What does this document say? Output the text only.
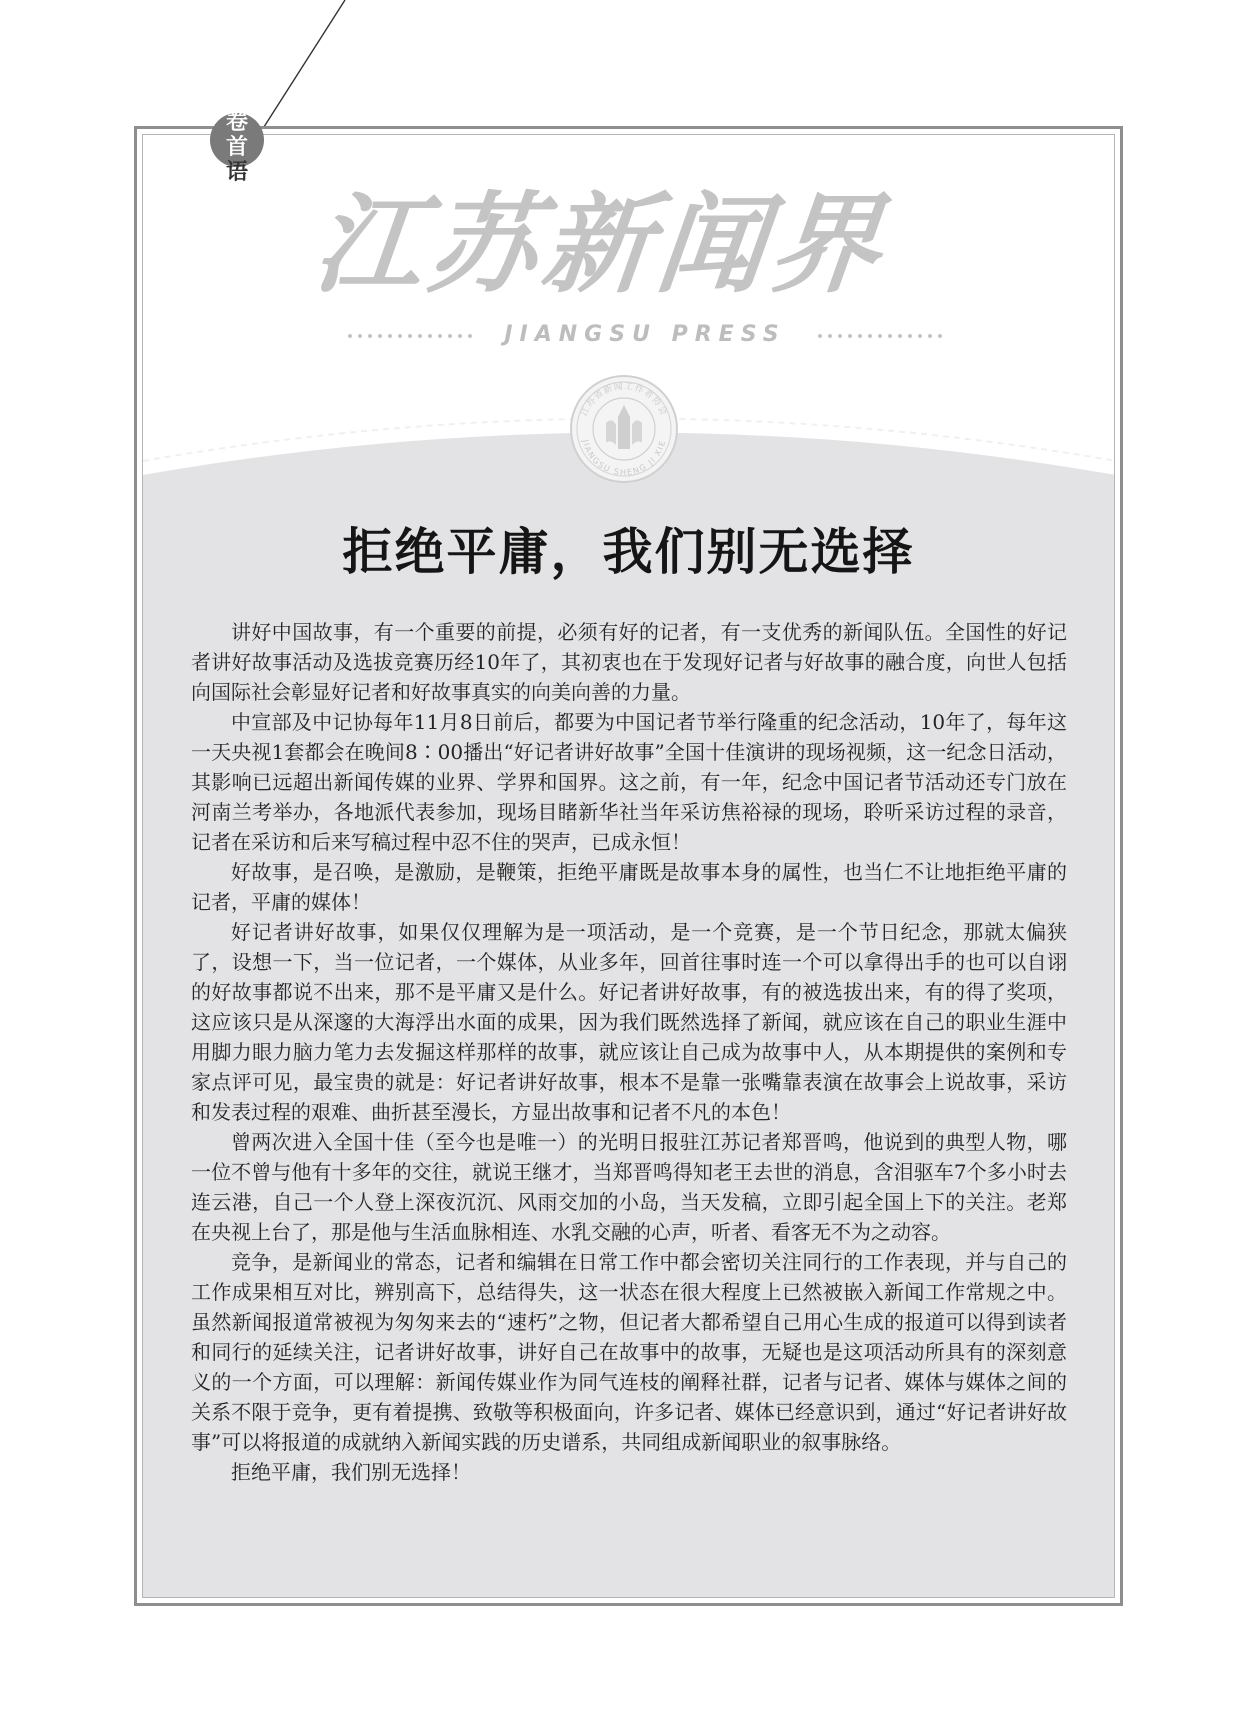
卷
首
语
江苏新闻界
JIANGSU PRESS
江苏省新闻工作者协会
JIANGSU SHENG JI XIE
拒绝平庸，我们别无选择

讲好中国故事，有一个重要的前提，必须有好的记者，有一支优秀的新闻队伍。全国性的好记者讲好故事活动及选拔竞赛历经10年了，其初衷也在于发现好记者与好故事的融合度，向世人包括向国际社会彰显好记者和好故事真实的向美向善的力量。

中宣部及中记协每年11月8日前后，都要为中国记者节举行隆重的纪念活动，10年了，每年这一天央视1套都会在晚间8∶00播出“好记者讲好故事”全国十佳演讲的现场视频，这一纪念日活动，其影响已远超出新闻传媒的业界、学界和国界。这之前，有一年，纪念中国记者节活动还专门放在河南兰考举办，各地派代表参加，现场目睹新华社当年采访焦裕禄的现场，聆听采访过程的录音，记者在采访和后来写稿过程中忍不住的哭声，已成永恒！

好故事，是召唤，是激励，是鞭策，拒绝平庸既是故事本身的属性，也当仁不让地拒绝平庸的记者，平庸的媒体！

好记者讲好故事，如果仅仅理解为是一项活动，是一个竞赛，是一个节日纪念，那就太偏狭了，设想一下，当一位记者，一个媒体，从业多年，回首往事时连一个可以拿得出手的也可以自诩的好故事都说不出来，那不是平庸又是什么。好记者讲好故事，有的被选拔出来，有的得了奖项，这应该只是从深邃的大海浮出水面的成果，因为我们既然选择了新闻，就应该在自己的职业生涯中用脚力眼力脑力笔力去发掘这样那样的故事，就应该让自己成为故事中人，从本期提供的案例和专家点评可见，最宝贵的就是：好记者讲好故事，根本不是靠一张嘴靠表演在故事会上说故事，采访和发表过程的艰难、曲折甚至漫长，方显出故事和记者不凡的本色！

曾两次进入全国十佳（至今也是唯一）的光明日报驻江苏记者郑晋鸣，他说到的典型人物，哪一位不曾与他有十多年的交往，就说王继才，当郑晋鸣得知老王去世的消息，含泪驱车7个多小时去连云港，自己一个人登上深夜沉沉、风雨交加的小岛，当天发稿，立即引起全国上下的关注。老郑在央视上台了，那是他与生活血脉相连、水乳交融的心声，听者、看客无不为之动容。

竞争，是新闻业的常态，记者和编辑在日常工作中都会密切关注同行的工作表现，并与自己的工作成果相互对比，辨别高下，总结得失，这一状态在很大程度上已然被嵌入新闻工作常规之中。虽然新闻报道常被视为匆匆来去的“速朽”之物，但记者大都希望自己用心生成的报道可以得到读者和同行的延续关注，记者讲好故事，讲好自己在故事中的故事，无疑也是这项活动所具有的深刻意义的一个方面，可以理解：新闻传媒业作为同气连枝的阐释社群，记者与记者、媒体与媒体之间的关系不限于竞争，更有着提携、致敬等积极面向，许多记者、媒体已经意识到，通过“好记者讲好故事”可以将报道的成就纳入新闻实践的历史谱系，共同组成新闻职业的叙事脉络。

拒绝平庸，我们别无选择！
